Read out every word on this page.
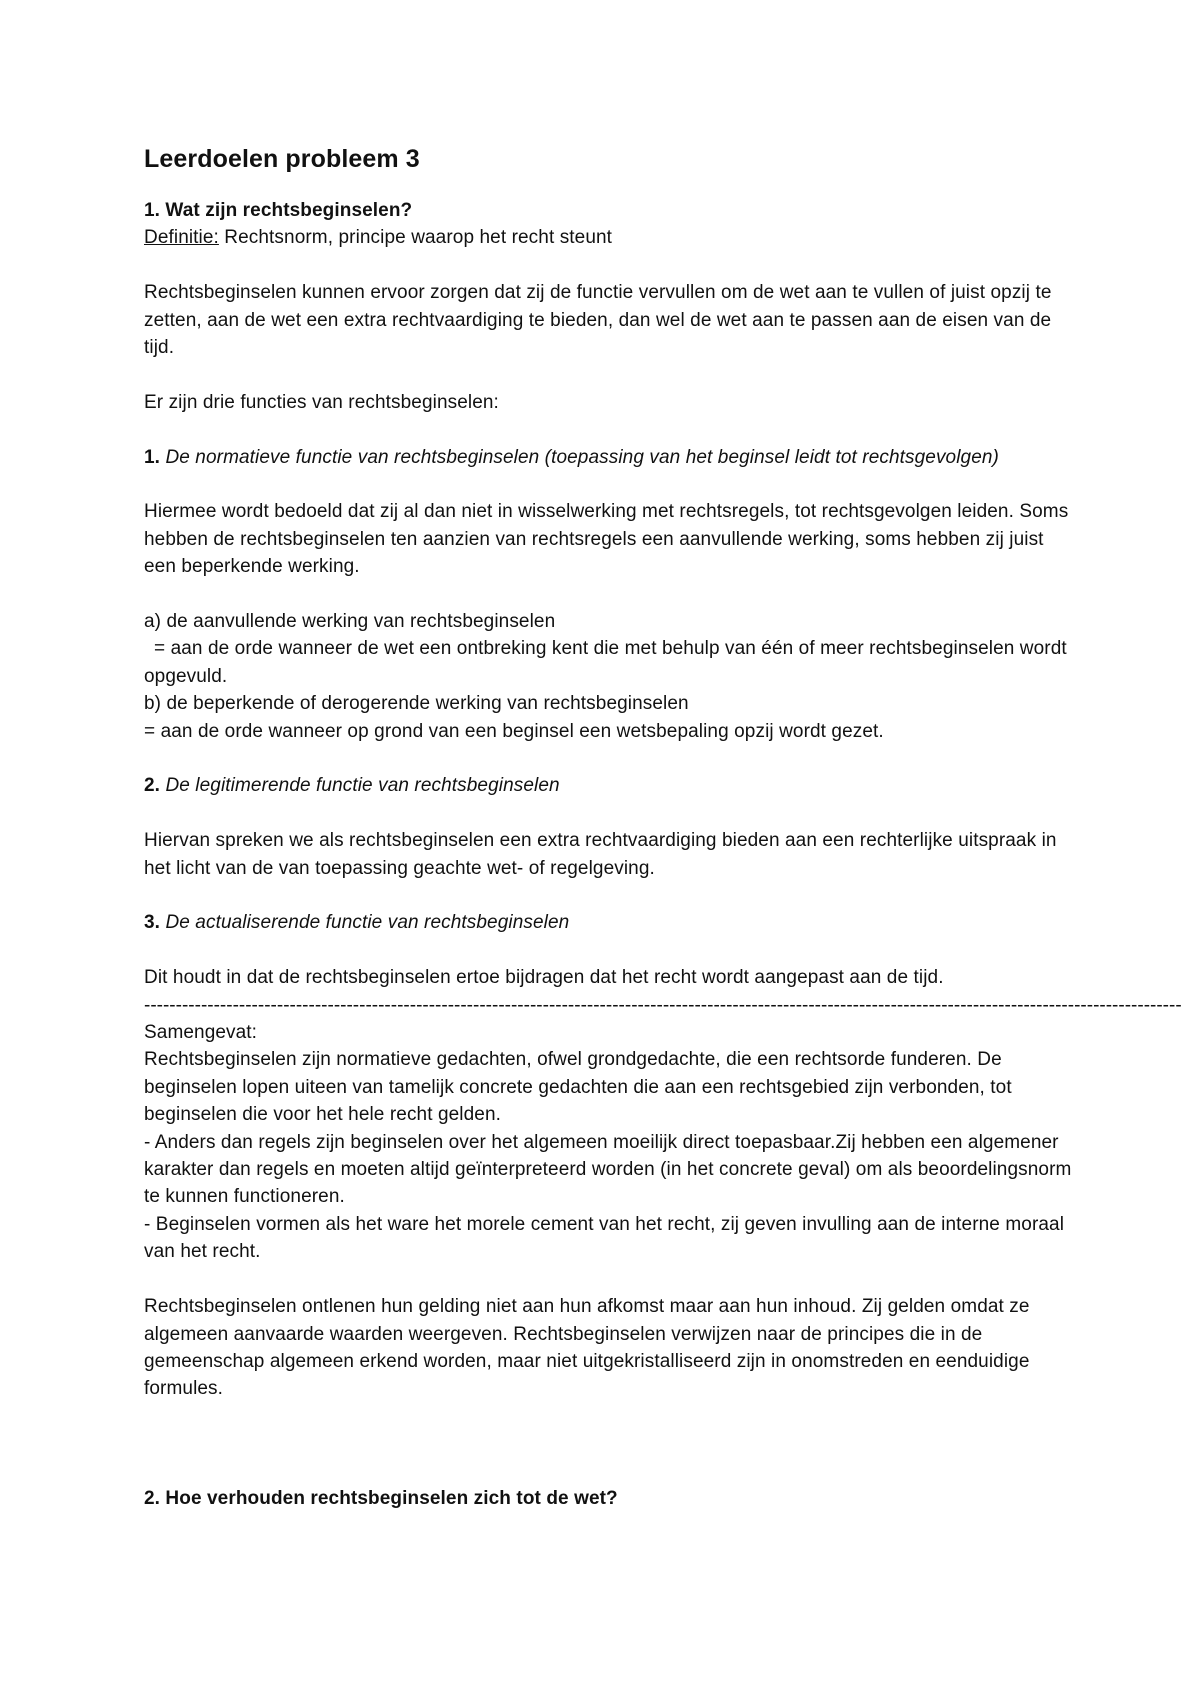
Leerdoelen probleem 3

1. Wat zijn rechtsbeginselen?

Definitie: Rechtsnorm, principe waarop het recht steunt

Rechtsbeginselen kunnen ervoor zorgen dat zij de functie vervullen om de wet aan te vullen of juist opzij te zetten, aan de wet een extra rechtvaardiging te bieden, dan wel de wet aan te passen aan de eisen van de tijd.

Er zijn drie functies van rechtsbeginselen:

1. De normatieve functie van rechtsbeginselen (toepassing van het beginsel leidt tot rechtsgevolgen)

Hiermee wordt bedoeld dat zij al dan niet in wisselwerking met rechtsregels, tot rechtsgevolgen leiden. Soms hebben de rechtsbeginselen ten aanzien van rechtsregels een aanvullende werking, soms hebben zij juist een beperkende werking.

a) de aanvullende werking van rechtsbeginselen

= aan de orde wanneer de wet een ontbreking kent die met behulp van één of meer rechtsbeginselen wordt opgevuld.

b) de beperkende of derogerende werking van rechtsbeginselen

= aan de orde wanneer op grond van een beginsel een wetsbepaling opzij wordt gezet.

2. De legitimerende functie van rechtsbeginselen

Hiervan spreken we als rechtsbeginselen een extra rechtvaardiging bieden aan een rechterlijke uitspraak in het licht van de van toepassing geachte wet- of regelgeving.

3. De actualiserende functie van rechtsbeginselen

Dit houdt in dat de rechtsbeginselen ertoe bijdragen dat het recht wordt aangepast aan de tijd.

--------------------------------------------------------------------------------------------------------------------------------------------------------------------

Samengevat:

Rechtsbeginselen zijn normatieve gedachten, ofwel grondgedachte, die een rechtsorde funderen. De beginselen lopen uiteen van tamelijk concrete gedachten die aan een rechtsgebied zijn verbonden, tot beginselen die voor het hele recht gelden.

- Anders dan regels zijn beginselen over het algemeen moeilijk direct toepasbaar.Zij hebben een algemener karakter dan regels en moeten altijd geïnterpreteerd worden (in het concrete geval) om als beoordelingsnorm te kunnen functioneren.

- Beginselen vormen als het ware het morele cement van het recht, zij geven invulling aan de interne moraal van het recht.

Rechtsbeginselen ontlenen hun gelding niet aan hun afkomst maar aan hun inhoud. Zij gelden omdat ze algemeen aanvaarde waarden weergeven. Rechtsbeginselen verwijzen naar de principes die in de gemeenschap algemeen erkend worden, maar niet uitgekristalliseerd zijn in onomstreden en eenduidige formules.

2. Hoe verhouden rechtsbeginselen zich tot de wet?
